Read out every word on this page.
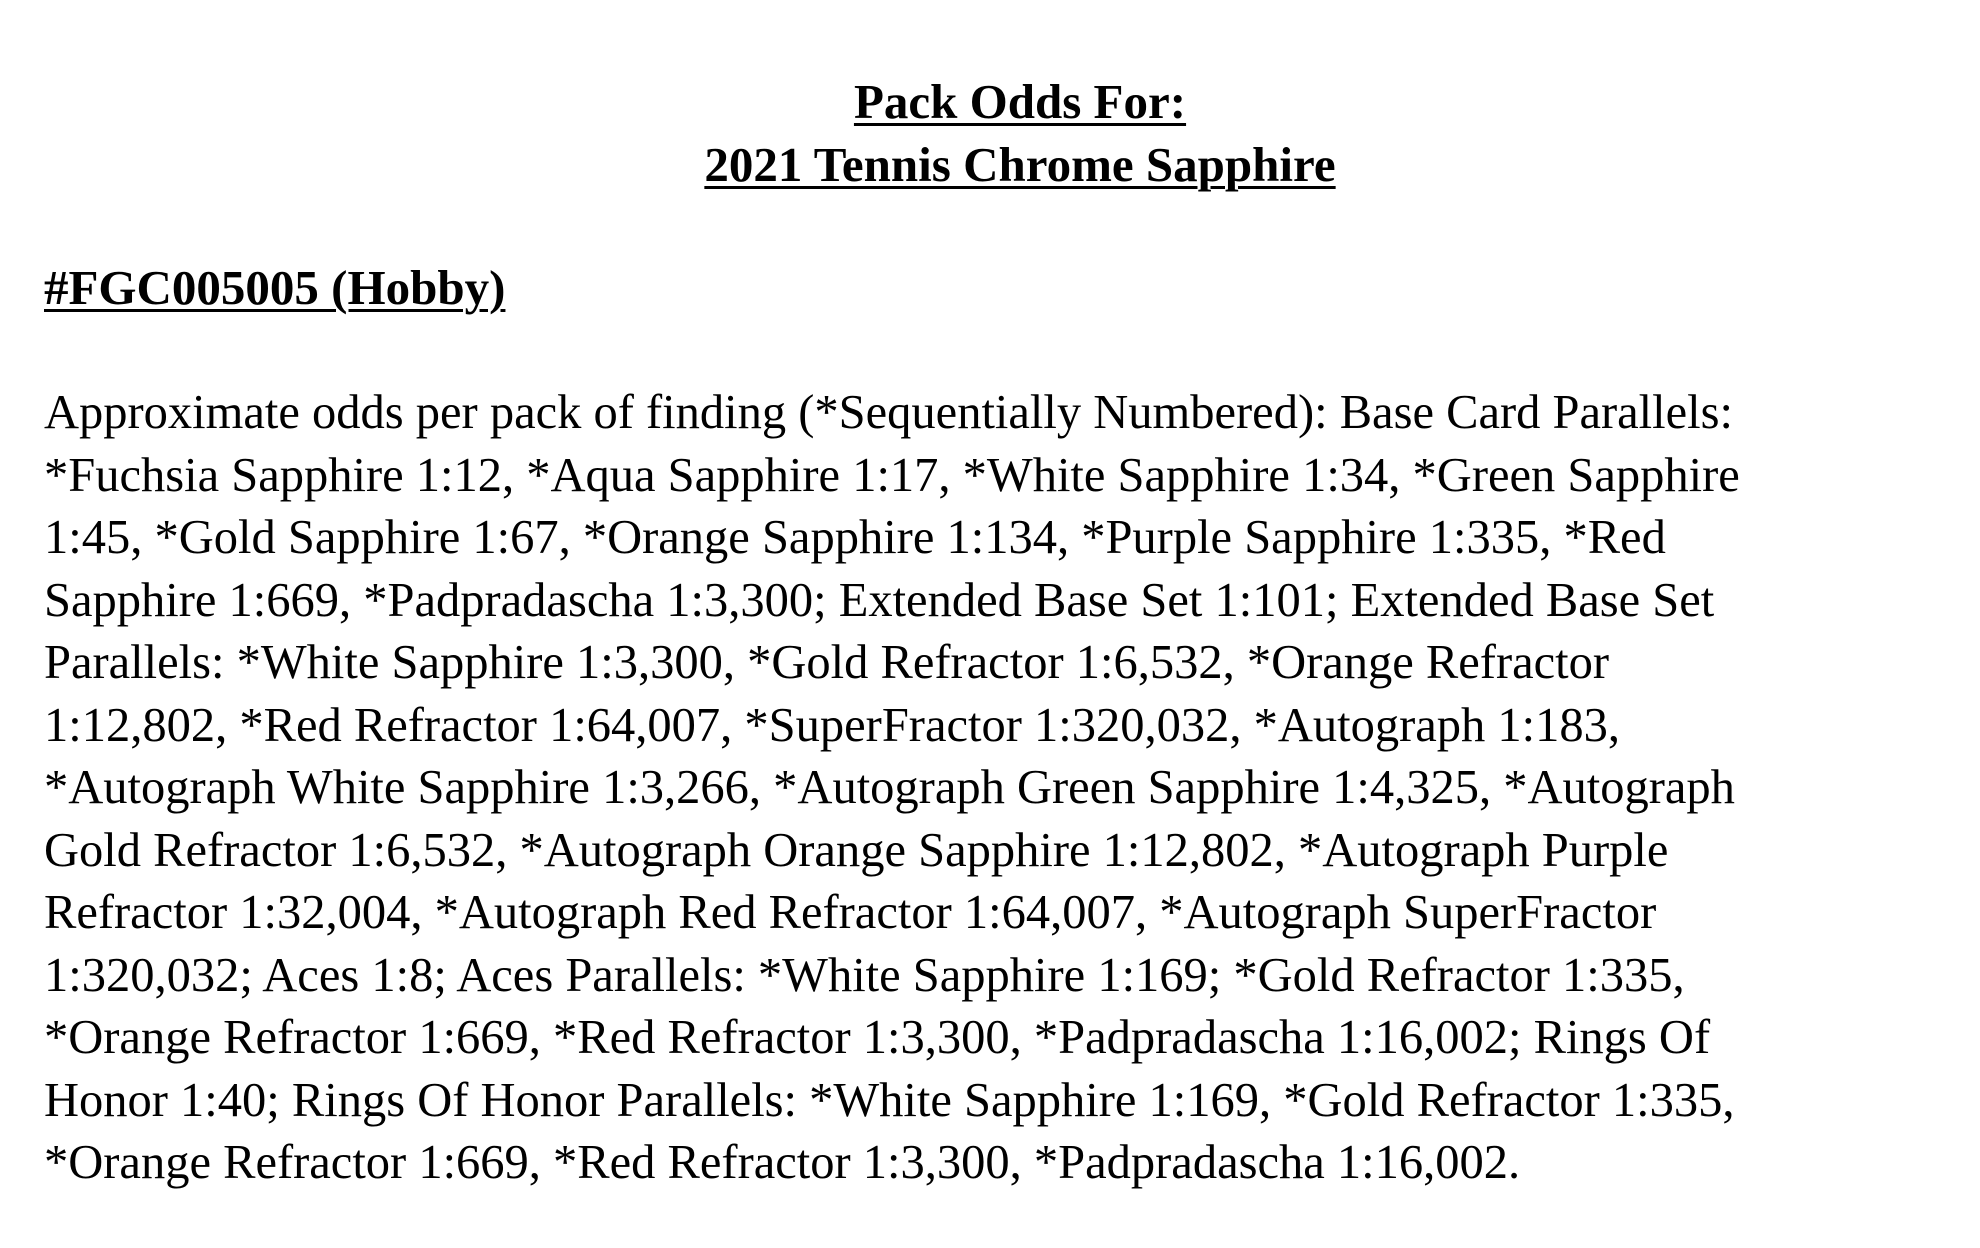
Pack Odds For:
2021 Tennis Chrome Sapphire
#FGC005005 (Hobby)

Approximate odds per pack of finding (*Sequentially Numbered): Base Card Parallels:
*Fuchsia Sapphire 1:12, *Aqua Sapphire 1:17, *White Sapphire 1:34, *Green Sapphire
1:45, *Gold Sapphire 1:67, *Orange Sapphire 1:134, *Purple Sapphire 1:335, *Red
Sapphire 1:669, *Padpradascha 1:3,300; Extended Base Set 1:101; Extended Base Set
Parallels: *White Sapphire 1:3,300, *Gold Refractor 1:6,532, *Orange Refractor
1:12,802, *Red Refractor 1:64,007, *SuperFractor 1:320,032, *Autograph 1:183,
*Autograph White Sapphire 1:3,266, *Autograph Green Sapphire 1:4,325, *Autograph
Gold Refractor 1:6,532, *Autograph Orange Sapphire 1:12,802, *Autograph Purple
Refractor 1:32,004, *Autograph Red Refractor 1:64,007, *Autograph SuperFractor
1:320,032; Aces 1:8; Aces Parallels: *White Sapphire 1:169; *Gold Refractor 1:335,
*Orange Refractor 1:669, *Red Refractor 1:3,300, *Padpradascha 1:16,002; Rings Of
Honor 1:40; Rings Of Honor Parallels: *White Sapphire 1:169, *Gold Refractor 1:335,
*Orange Refractor 1:669, *Red Refractor 1:3,300, *Padpradascha 1:16,002.
